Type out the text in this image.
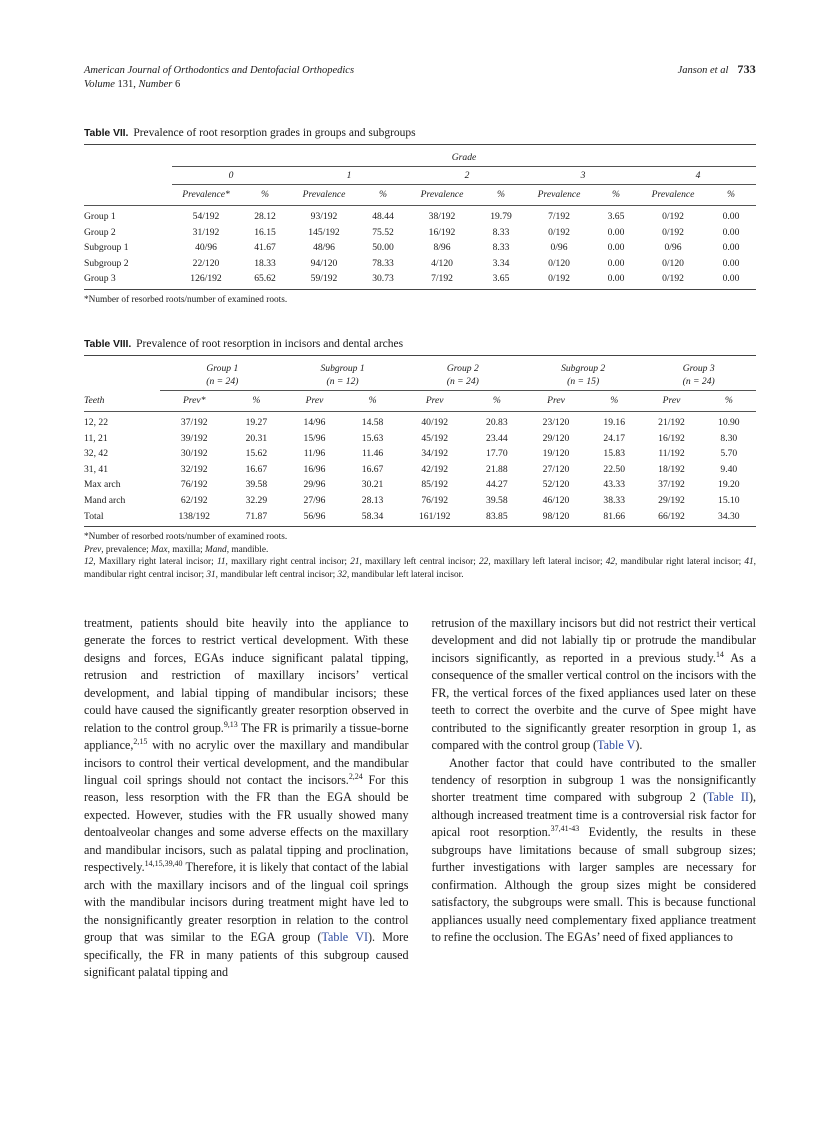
American Journal of Orthodontics and Dentofacial Orthopedics
Volume 131, Number 6
Janson et al 733
Table VII. Prevalence of root resorption grades in groups and subgroups

	Grade									

	0		1		2		3		4	

	Prevalence*	%	Prevalence	%	Prevalence	%	Prevalence	%	Prevalence	%

Group 1	54/192	28.12	93/192	48.44	38/192	19.79	7/192	3.65	0/192	0.00
Group 2	31/192	16.15	145/192	75.52	16/192	8.33	0/192	0.00	0/192	0.00
Subgroup 1	40/96	41.67	48/96	50.00	8/96	8.33	0/96	0.00	0/96	0.00
Subgroup 2	22/120	18.33	94/120	78.33	4/120	3.34	0/120	0.00	0/120	0.00
Group 3	126/192	65.62	59/192	30.73	7/192	3.65	0/192	0.00	0/192	0.00

*Number of resorbed roots/number of examined roots.
Table VIII. Prevalence of root resorption in incisors and dental arches

	Group 1		Subgroup 1		Group 2		Subgroup 2		Group 3	
	(n = 24)		(n = 12)		(n = 24)		(n = 15)		(n = 24)	

Teeth	Prev*	%	Prev	%	Prev	%	Prev	%	Prev	%

12, 22	37/192	19.27	14/96	14.58	40/192	20.83	23/120	19.16	21/192	10.90
11, 21	39/192	20.31	15/96	15.63	45/192	23.44	29/120	24.17	16/192	8.30
32, 42	30/192	15.62	11/96	11.46	34/192	17.70	19/120	15.83	11/192	5.70
31, 41	32/192	16.67	16/96	16.67	42/192	21.88	27/120	22.50	18/192	9.40
Max arch	76/192	39.58	29/96	30.21	85/192	44.27	52/120	43.33	37/192	19.20
Mand arch	62/192	32.29	27/96	28.13	76/192	39.58	46/120	38.33	29/192	15.10
Total	138/192	71.87	56/96	58.34	161/192	83.85	98/120	81.66	66/192	34.30

*Number of resorbed roots/number of examined roots.
Prev, prevalence; Max, maxilla; Mand, mandible.
12, Maxillary right lateral incisor; 11, maxillary right central incisor; 21, maxillary left central incisor; 22, maxillary left lateral incisor; 42, mandibular right lateral incisor; 41, mandibular right central incisor; 31, mandibular left central incisor; 32, mandibular left lateral incisor.

treatment, patients should bite heavily into the appliance to generate the forces to restrict vertical development. With these designs and forces, EGAs induce significant palatal tipping, retrusion and restriction of maxillary incisors’ vertical development, and labial tipping of mandibular incisors; these could have caused the significantly greater resorption observed in relation to the control group.$^{9,13}$ The FR is primarily a tissue-borne appliance,$^{2,15}$ with no acrylic over the maxillary and mandibular incisors to control their vertical development, and the mandibular lingual coil springs should not contact the incisors.$^{2,24}$ For this reason, less resorption with the FR than the EGA should be expected. However, studies with the FR usually showed many dentoalveolar changes and some adverse effects on the maxillary and mandibular incisors, such as palatal tipping and proclination, respectively.$^{14,15,39,40}$ Therefore, it is likely that contact of the labial arch with the maxillary incisors and of the lingual coil springs with the mandibular incisors during treatment might have led to the nonsignificantly greater resorption in relation to the control group that was similar to the EGA group (Table VI). More specifically, the FR in many patients of this subgroup caused significant palatal tipping and

retrusion of the maxillary incisors but did not restrict their vertical development and did not labially tip or protrude the mandibular incisors significantly, as reported in a previous study.$^{14}$ As a consequence of the smaller vertical control on the incisors with the FR, the vertical forces of the fixed appliances used later on these teeth to correct the overbite and the curve of Spee might have contributed to the significantly greater resorption in group 1, as compared with the control group (Table V).

Another factor that could have contributed to the smaller tendency of resorption in subgroup 1 was the nonsignificantly shorter treatment time compared with subgroup 2 (Table II), although increased treatment time is a controversial risk factor for apical root resorption.$^{37,41-43}$ Evidently, the results in these subgroups have limitations because of small subgroup sizes; further investigations with larger samples are necessary for confirmation. Although the group sizes might be considered satisfactory, the subgroups were small. This is because functional appliances usually need complementary fixed appliance treatment to refine the occlusion. The EGAs’ need of fixed appliances to
